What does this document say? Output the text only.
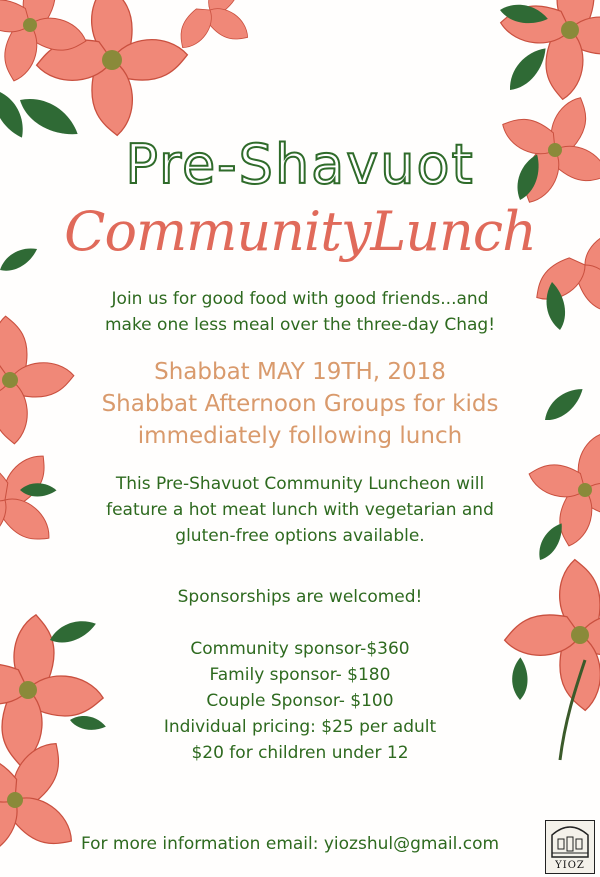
Pre-Shavuot
CommunityLunch
Join us for good food with good friends...and
make one less meal over the three-day Chag!
Shabbat MAY 19TH, 2018
Shabbat Afternoon Groups for kids
immediately following lunch
This Pre-Shavuot Community Luncheon will
feature a hot meat lunch with vegetarian and
gluten-free options available.
Sponsorships are welcomed!
Community sponsor-$360
Family sponsor- $180
Couple Sponsor- $100
Individual pricing: $25 per adult
$20 for children under 12
For more information email: yiozshul@gmail.com
YIOZ
